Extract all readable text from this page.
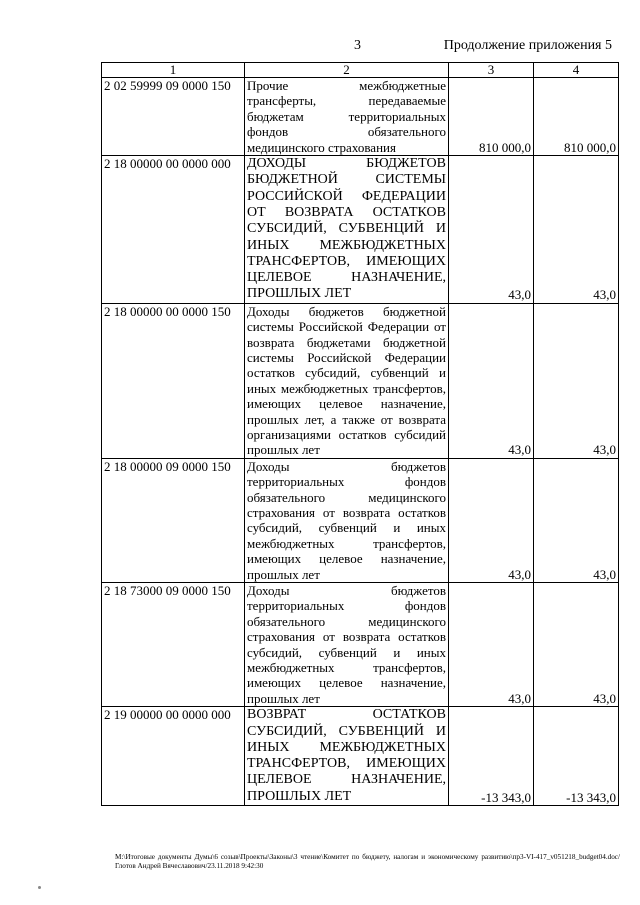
3	Продолжение приложения 5
1	2	3	4
2 02 59999 09 0000 150	Прочие межбюджетные трансферты, передаваемые бюджетам территориальных фондов обязательного медицинского страхования	810 000,0	810 000,0
2 18 00000 00 0000 000	ДОХОДЫ БЮДЖЕТОВ БЮДЖЕТНОЙ СИСТЕМЫ РОССИЙСКОЙ ФЕДЕРАЦИИ ОТ ВОЗВРАТА ОСТАТКОВ СУБСИДИЙ, СУБВЕНЦИЙ И ИНЫХ МЕЖБЮДЖЕТНЫХ ТРАНСФЕРТОВ, ИМЕЮЩИХ ЦЕЛЕВОЕ НАЗНАЧЕНИЕ, ПРОШЛЫХ ЛЕТ	43,0	43,0
2 18 00000 00 0000 150	Доходы бюджетов бюджетной системы Российской Федерации от возврата бюджетами бюджетной системы Российской Федерации остатков субсидий, субвенций и иных межбюджетных трансфертов, имеющих целевое назначение, прошлых лет, а также от возврата организациями остатков субсидий прошлых лет	43,0	43,0
2 18 00000 09 0000 150	Доходы бюджетов территориальных фондов обязательного медицинского страхования от возврата остатков субсидий, субвенций и иных межбюджетных трансфертов, имеющих целевое назначение, прошлых лет	43,0	43,0
2 18 73000 09 0000 150	Доходы бюджетов территориальных фондов обязательного медицинского страхования от возврата остатков субсидий, субвенций и иных межбюджетных трансфертов, имеющих целевое назначение, прошлых лет	43,0	43,0
2 19 00000 00 0000 000	ВОЗВРАТ ОСТАТКОВ СУБСИДИЙ, СУБВЕНЦИЙ И ИНЫХ МЕЖБЮДЖЕТНЫХ ТРАНСФЕРТОВ, ИМЕЮЩИХ ЦЕЛЕВОЕ НАЗНАЧЕНИЕ, ПРОШЛЫХ ЛЕТ	-13 343,0	-13 343,0
M:\Итоговые документы Думы\6 созыв\Проекты\Законы\3 чтение\Комитет по бюджету, налогам и экономическому развитию\пр3-VI-417_v051218_budget04.doc/Глотов Андрей Вячеславович/23.11.2018 9:42:30
